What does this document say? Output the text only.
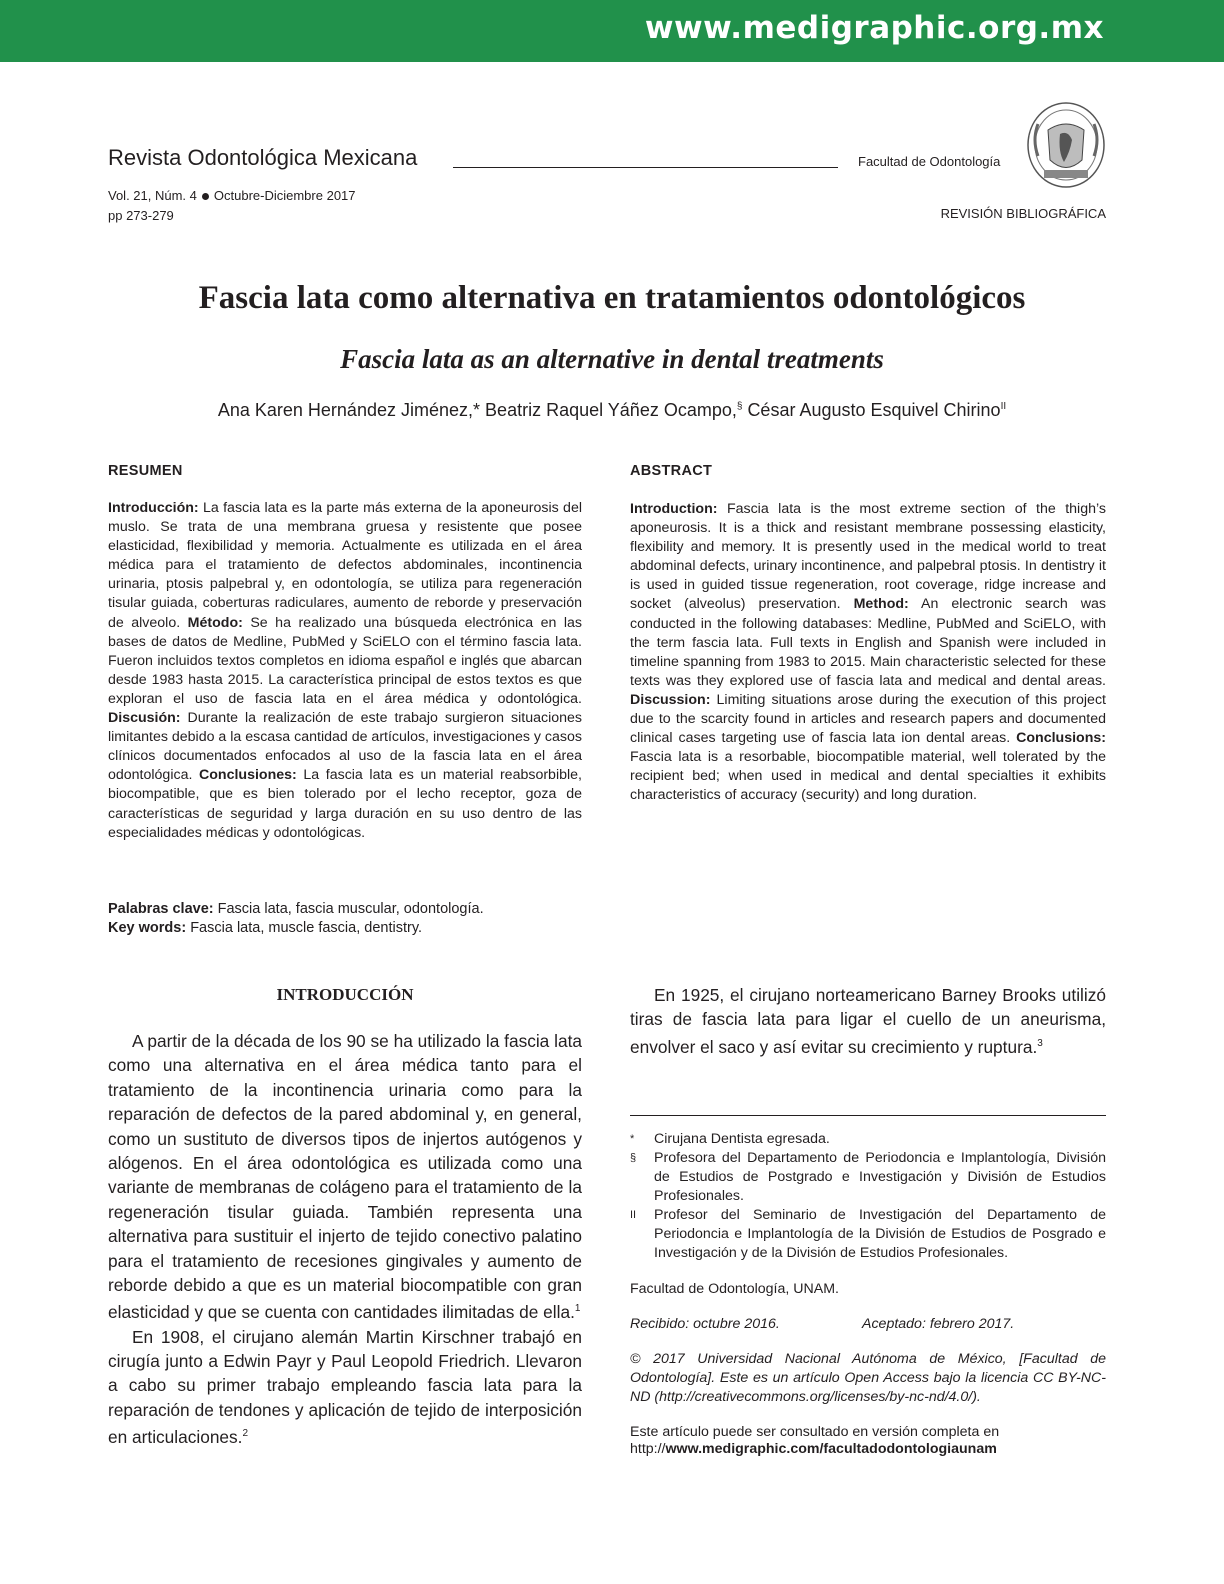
www.medigraphic.org.mx
Revista Odontológica Mexicana	Facultad de Odontología
Vol. 21, Núm. 4 Octubre-Diciembre 2017
pp 273-279	REVISIÓN BIBLIOGRÁFICA
Fascia lata como alternativa en tratamientos odontológicos
Fascia lata as an alternative in dental treatments
Ana Karen Hernández Jiménez,* Beatriz Raquel Yáñez Ocampo,§ César Augusto Esquivel Chirino$^{II}$
RESUMEN
Introducción: La fascia lata es la parte más externa de la aponeurosis del muslo. Se trata de una membrana gruesa y resistente que posee elasticidad, flexibilidad y memoria. Actualmente es utilizada en el área médica para el tratamiento de defectos abdominales, incontinencia urinaria, ptosis palpebral y, en odontología, se utiliza para regeneración tisular guiada, coberturas radiculares, aumento de reborde y preservación de alveolo. Método: Se ha realizado una búsqueda electrónica en las bases de datos de Medline, PubMed y SciELO con el término fascia lata. Fueron incluidos textos completos en idioma español e inglés que abarcan desde 1983 hasta 2015. La característica principal de estos textos es que exploran el uso de fascia lata en el área médica y odontológica. Discusión: Durante la realización de este trabajo surgieron situaciones limitantes debido a la escasa cantidad de artículos, investigaciones y casos clínicos documentados enfocados al uso de la fascia lata en el área odontológica. Conclusiones: La fascia lata es un material reabsorbible, biocompatible, que es bien tolerado por el lecho receptor, goza de características de seguridad y larga duración en su uso dentro de las especialidades médicas y odontológicas.
ABSTRACT
Introduction: Fascia lata is the most extreme section of the thigh’s aponeurosis. It is a thick and resistant membrane possessing elasticity, flexibility and memory. It is presently used in the medical world to treat abdominal defects, urinary incontinence, and palpebral ptosis. In dentistry it is used in guided tissue regeneration, root coverage, ridge increase and socket (alveolus) preservation. Method: An electronic search was conducted in the following databases: Medline, PubMed and SciELO, with the term fascia lata. Full texts in English and Spanish were included in timeline spanning from 1983 to 2015. Main characteristic selected for these texts was they explored use of fascia lata and medical and dental areas. Discussion: Limiting situations arose during the execution of this project due to the scarcity found in articles and research papers and documented clinical cases targeting use of fascia lata ion dental areas. Conclusions: Fascia lata is a resorbable, biocompatible material, well tolerated by the recipient bed; when used in medical and dental specialties it exhibits characteristics of accuracy (security) and long duration.
Palabras clave: Fascia lata, fascia muscular, odontología.
Key words: Fascia lata, muscle fascia, dentistry.
INTRODUCCIÓN

A partir de la década de los 90 se ha utilizado la fascia lata como una alternativa en el área médica tanto para el tratamiento de la incontinencia urinaria como para la reparación de defectos de la pared abdominal y, en general, como un sustituto de diversos tipos de injertos autógenos y alógenos. En el área odontológica es utilizada como una variante de membranas de colágeno para el tratamiento de la regeneración tisular guiada. También representa una alternativa para sustituir el injerto de tejido conectivo palatino para el tratamiento de recesiones gingivales y aumento de reborde debido a que es un material biocompatible con gran elasticidad y que se cuenta con cantidades ilimitadas de ella.$^1$

En 1908, el cirujano alemán Martin Kirschner trabajó en cirugía junto a Edwin Payr y Paul Leopold Friedrich. Llevaron a cabo su primer trabajo empleando fascia lata para la reparación de tendones y aplicación de tejido de interposición en articulaciones.$^2$

En 1925, el cirujano norteamericano Barney Brooks utilizó tiras de fascia lata para ligar el cuello de un aneurisma, envolver el saco y así evitar su crecimiento y ruptura.$^3$

*	Cirujana Dentista egresada.
§	Profesora del Departamento de Periodoncia e Implantología, División de Estudios de Postgrado e Investigación y División de Estudios Profesionales.
II	Profesor del Seminario de Investigación del Departamento de Periodoncia e Implantología de la División de Estudios de Posgrado e Investigación y de la División de Estudios Profesionales.
Facultad de Odontología, UNAM.
Recibido: octubre 2016.	Aceptado: febrero 2017.
© 2017 Universidad Nacional Autónoma de México, [Facultad de Odontología]. Este es un artículo Open Access bajo la licencia CC BY-NC-ND (http://creativecommons.org/licenses/by-nc-nd/4.0/).
Este artículo puede ser consultado en versión completa en
http://www.medigraphic.com/facultadodontologiaunam
